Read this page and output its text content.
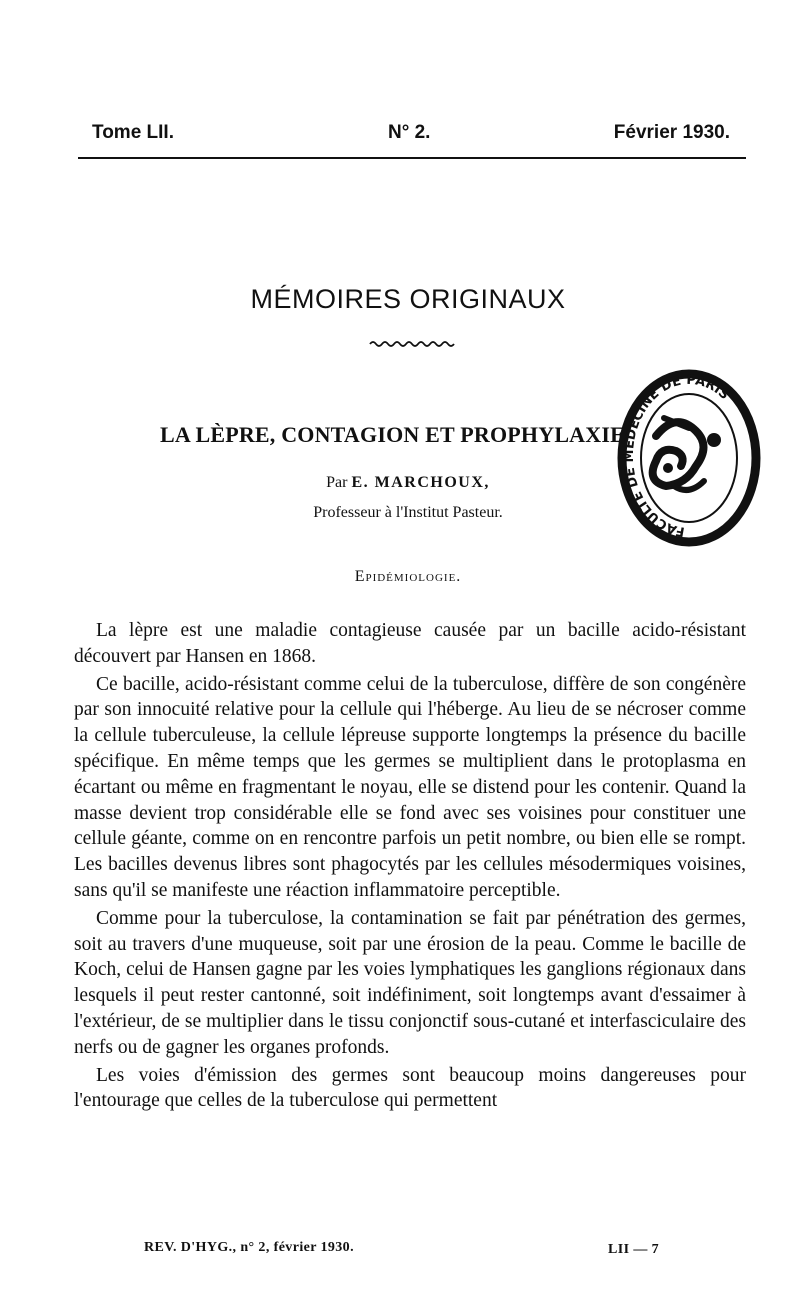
Tome LII.	N° 2.	Février 1930.
MÉMOIRES ORIGINAUX
LA LÈPRE, CONTAGION ET PROPHYLAXIE
Par E. MARCHOUX,
Professeur à l'Institut Pasteur.
FACULTÉ DE MÉDECINE DE PARIS
Epidémiologie.

La lèpre est une maladie contagieuse causée par un bacille acido-résistant découvert par Hansen en 1868.

Ce bacille, acido-résistant comme celui de la tuberculose, diffère de son congénère par son innocuité relative pour la cellule qui l'héberge. Au lieu de se nécroser comme la cellule tuberculeuse, la cellule lépreuse supporte longtemps la présence du bacille spécifique. En même temps que les germes se multiplient dans le protoplasma en écartant ou même en fragmentant le noyau, elle se distend pour les contenir. Quand la masse devient trop considérable elle se fond avec ses voisines pour constituer une cellule géante, comme on en rencontre parfois un petit nombre, ou bien elle se rompt. Les bacilles devenus libres sont phagocytés par les cellules mésodermiques voisines, sans qu'il se manifeste une réaction inflammatoire perceptible.

Comme pour la tuberculose, la contamination se fait par pénétration des germes, soit au travers d'une muqueuse, soit par une érosion de la peau. Comme le bacille de Koch, celui de Hansen gagne par les voies lymphatiques les ganglions régionaux dans lesquels il peut rester cantonné, soit indéfiniment, soit longtemps avant d'essaimer à l'extérieur, de se multiplier dans le tissu conjonctif sous-cutané et interfasciculaire des nerfs ou de gagner les organes profonds.

Les voies d'émission des germes sont beaucoup moins dangereuses pour l'entourage que celles de la tuberculose qui permettent

REV. D'HYG., n° 2, février 1930.	LII — 7
